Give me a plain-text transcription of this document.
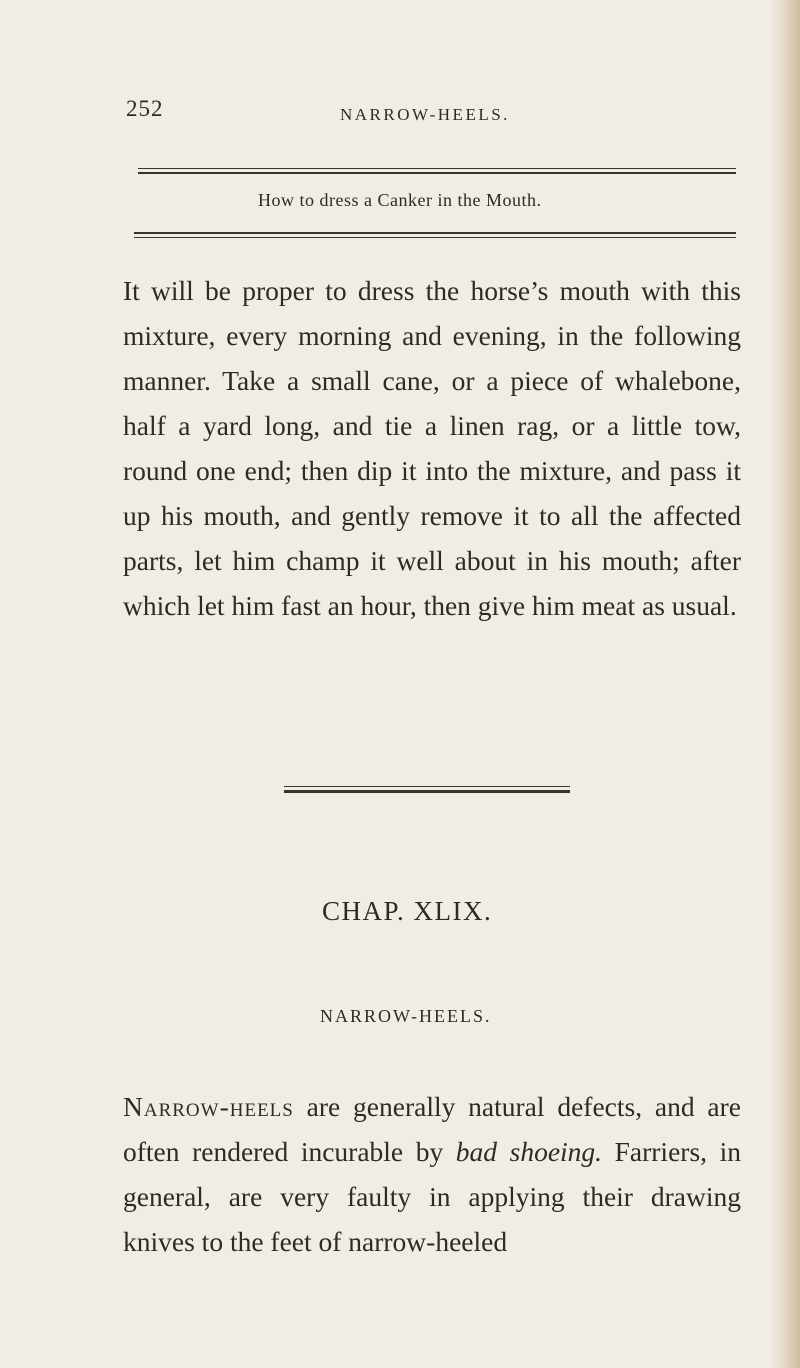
252	NARROW-HEELS.
How to dress a Canker in the Mouth.
It will be proper to dress the horse’s mouth with this mixture, every morning and evening, in the following manner. Take a small cane, or a piece of whalebone, half a yard long, and tie a linen rag, or a little tow, round one end; then dip it into the mixture, and pass it up his mouth, and gently remove it to all the affected parts, let him champ it well about in his mouth; after which let him fast an hour, then give him meat as usual.
CHAP. XLIX.
NARROW-HEELS.
Narrow-heels are generally natural defects, and are often rendered incurable by bad shoeing. Farriers, in general, are very faulty in applying their drawing knives to the feet of narrow-heeled
